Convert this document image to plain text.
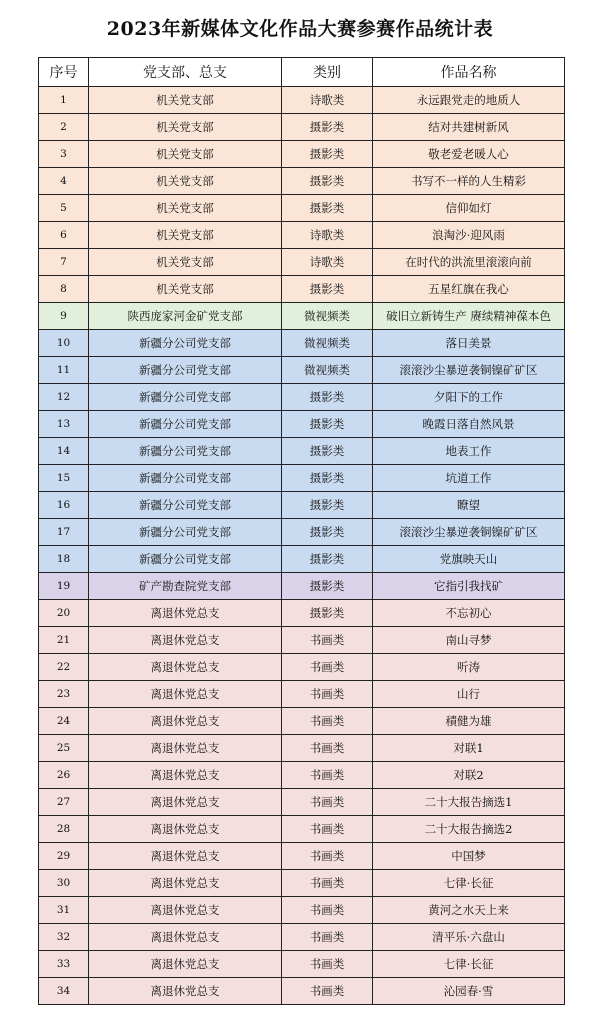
2023年新媒体文化作品大赛参赛作品统计表
序号	党支部、总支	类别	作品名称
1	机关党支部	诗歌类	永远跟党走的地质人
2	机关党支部	摄影类	结对共建树新风
3	机关党支部	摄影类	敬老爱老暖人心
4	机关党支部	摄影类	书写不一样的人生精彩
5	机关党支部	摄影类	信仰如灯
6	机关党支部	诗歌类	浪淘沙·迎风雨
7	机关党支部	诗歌类	在时代的洪流里滚滚向前
8	机关党支部	摄影类	五星红旗在我心
9	陕西庞家河金矿党支部	微视频类	破旧立新铸生产 赓续精神葆本色
10	新疆分公司党支部	微视频类	落日美景
11	新疆分公司党支部	微视频类	滚滚沙尘暴逆袭铜镍矿矿区
12	新疆分公司党支部	摄影类	夕阳下的工作
13	新疆分公司党支部	摄影类	晚霞日落自然风景
14	新疆分公司党支部	摄影类	地表工作
15	新疆分公司党支部	摄影类	坑道工作
16	新疆分公司党支部	摄影类	瞭望
17	新疆分公司党支部	摄影类	滚滚沙尘暴逆袭铜镍矿矿区
18	新疆分公司党支部	摄影类	党旗映天山
19	矿产勘查院党支部	摄影类	它指引我找矿
20	离退休党总支	摄影类	不忘初心
21	离退休党总支	书画类	南山寻梦
22	离退休党总支	书画类	听涛
23	离退休党总支	书画类	山行
24	离退休党总支	书画类	積健为雄
25	离退休党总支	书画类	对联1
26	离退休党总支	书画类	对联2
27	离退休党总支	书画类	二十大报告摘选1
28	离退休党总支	书画类	二十大报告摘选2
29	离退休党总支	书画类	中国梦
30	离退休党总支	书画类	七律·长征
31	离退休党总支	书画类	黄河之水天上来
32	离退休党总支	书画类	清平乐·六盘山
33	离退休党总支	书画类	七律·长征
34	离退休党总支	书画类	沁园春·雪
